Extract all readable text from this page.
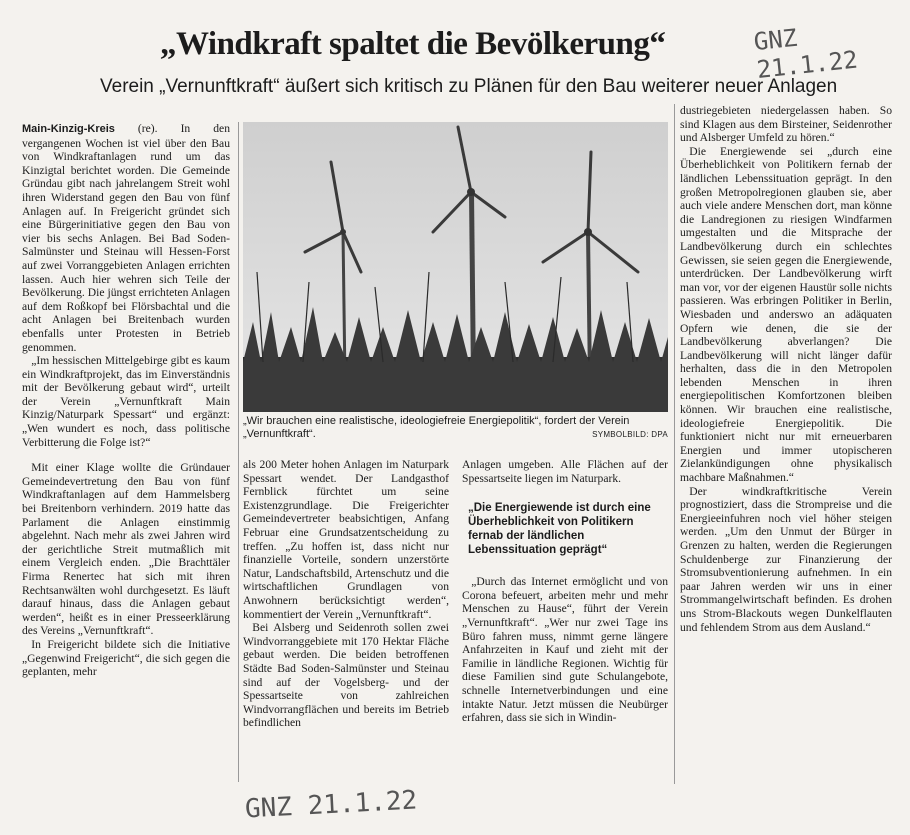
GNZ 21.1.22
„Windkraft spaltet die Bevölkerung“
Verein „Vernunftkraft“ äußert sich kritisch zu Plänen für den Bau weiterer neuer Anlagen

Main-Kinzig-Kreis (re). In den vergangenen Wochen ist viel über den Bau von Windkraftanlagen rund um das Kinzigtal berichtet worden. Die Gemeinde Gründau gibt nach jahrelangem Streit wohl ihren Widerstand gegen den Bau von fünf Anlagen auf. In Freigericht gründet sich eine Bürgerinitiative gegen den Bau von vier bis sechs Anlagen. Bei Bad Soden-Salmünster und Steinau will Hessen-Forst auf zwei Vorranggebieten Anlagen errichten lassen. Auch hier wehren sich Teile der Bevölkerung. Die jüngst errichteten Anlagen auf dem Roßkopf bei Flörsbachtal und die acht Anlagen bei Breitenbach wurden ebenfalls unter Protesten in Betrieb genommen.

„Im hessischen Mittelgebirge gibt es kaum ein Windkraftprojekt, das im Einverständnis mit der Bevölkerung gebaut wird“, urteilt der Verein „Vernunftkraft Main Kinzig/Naturpark Spessart“ und ergänzt: „Wen wundert es noch, dass politische Verbitterung die Folge ist?“

Mit einer Klage wollte die Gründauer Gemeindevertretung den Bau von fünf Windkraftanlagen auf dem Hammelsberg bei Breitenborn verhindern. 2019 hatte das Parlament die Anlagen einstimmig abgelehnt. Nach mehr als zwei Jahren wird der gerichtliche Streit mutmaßlich mit einem Vergleich enden. „Die Brachttäler Firma Renertec hat sich mit ihren Rechtsanwälten wohl durchgesetzt. Es läuft darauf hinaus, dass die Anlagen gebaut werden“, heißt es in einer Presseerklärung des Vereins „Vernunftkraft“.

In Freigericht bildete sich die Initiative „Gegenwind Freigericht“, die sich gegen die geplanten, mehr

„Wir brauchen eine realistische, ideologiefreie Energiepolitik“, fordert der Verein „Vernunftkraft“.	SYMBOLBILD: DPA

als 200 Meter hohen Anlagen im Naturpark Spessart wendet. Der Landgasthof Fernblick fürchtet um seine Existenzgrundlage. Die Freigerichter Gemeindevertreter beabsichtigen, Anfang Februar eine Grundsatzentscheidung zu treffen. „Zu hoffen ist, dass nicht nur finanzielle Vorteile, sondern unzerstörte Natur, Landschaftsbild, Artenschutz und die wirtschaftlichen Grundlagen von Anwohnern berücksichtigt werden“, kommentiert der Verein „Vernunftkraft“.

Bei Alsberg und Seidenroth sollen zwei Windvorranggebiete mit 170 Hektar Fläche gebaut werden. Die beiden betroffenen Städte Bad Soden-Salmünster und Steinau sind auf der Vogelsberg- und der Spessartseite von zahlreichen Windvorrangflächen und bereits im Betrieb befindlichen

Anlagen umgeben. Alle Flächen auf der Spessartseite liegen im Naturpark.

„Die Energiewende ist durch eine Überheblichkeit von Politikern fernab der ländlichen Lebenssituation geprägt“

„Durch das Internet ermöglicht und von Corona befeuert, arbeiten mehr und mehr Menschen zu Hause“, führt der Verein „Vernunftkraft“. „Wer nur zwei Tage ins Büro fahren muss, nimmt gerne längere Anfahrzeiten in Kauf und zieht mit der Familie in ländliche Regionen. Wichtig für diese Familien sind gute Schulangebote, schnelle Internetverbindungen und eine intakte Natur. Jetzt müssen die Neubürger erfahren, dass sie sich in Windin-

dustriegebieten niedergelassen haben. So sind Klagen aus dem Birsteiner, Seidenrother und Alsberger Umfeld zu hören.“

Die Energiewende sei „durch eine Überheblichkeit von Politikern fernab der ländlichen Lebenssituation geprägt. In den großen Metropolregionen glauben sie, aber auch viele andere Menschen dort, man könne die Landregionen zu riesigen Windfarmen umgestalten und die Mitsprache der Landbevölkerung durch ein schlechtes Gewissen, sie seien gegen die Energiewende, unterdrücken. Der Landbevölkerung wirft man vor, vor der eigenen Haustür solle nichts passieren. Was erbringen Politiker in Berlin, Wiesbaden und anderswo an adäquaten Opfern wie denen, die sie der Landbevölkerung abverlangen? Die Landbevölkerung will nicht länger dafür herhalten, dass die in den Metropolen lebenden Menschen in ihren energiepolitischen Komfortzonen bleiben können. Wir brauchen eine realistische, ideologiefreie Energiepolitik. Die funktioniert nicht nur mit erneuerbaren Energien und immer utopischeren Zielankündigungen ohne physikalisch machbare Maßnahmen.“

Der windkraftkritische Verein prognostiziert, dass die Strompreise und die Energieeinfuhren noch viel höher steigen werden. „Um den Unmut der Bürger in Grenzen zu halten, werden die Regierungen Schuldenberge zur Finanzierung der Stromsubventionierung aufnehmen. In ein paar Jahren werden wir uns in einer Strommangelwirtschaft befinden. Es drohen uns Strom-Blackouts wegen Dunkelflauten und fehlendem Strom aus dem Ausland.“

GNZ 21.1.22
